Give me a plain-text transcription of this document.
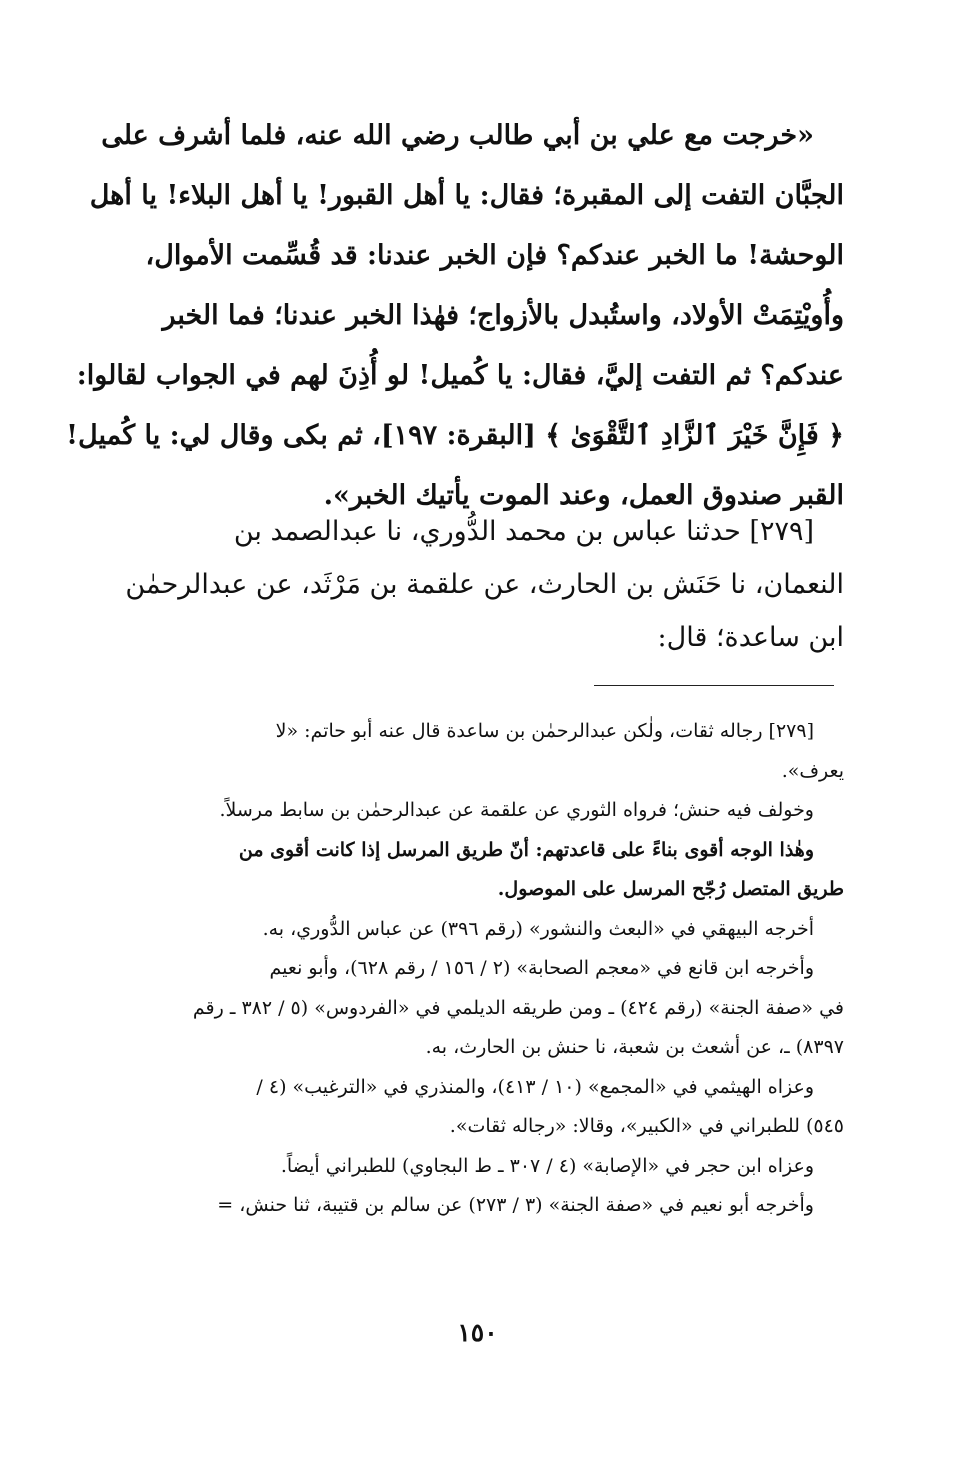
«خرجت مع علي بن أبي طالب رضي الله عنه، فلما أشرف على
الجبَّان التفت إلى المقبرة؛ فقال: يا أهل القبور! يا أهل البلاء! يا أهل
الوحشة! ما الخبر عندكم؟ فإن الخبر عندنا: قد قُسِّمت الأموال،
وأُويْتِمَتْ الأولاد، واستُبدل بالأزواج؛ فهٰذا الخبر عندنا؛ فما الخبر
عندكم؟ ثم التفت إليَّ، فقال: يا كُميل! لو أُذِنَ لهم في الجواب لقالوا:
﴿ فَإِنَّ خَيْرَ ٱلزَّادِ ٱلتَّقْوَىٰ ﴾ [البقرة: ١٩٧]، ثم بكى وقال لي: يا كُميل!
القبر صندوق العمل، وعند الموت يأتيك الخبر».
[٢٧٩] حدثنا عباس بن محمد الدُّوري، نا عبدالصمد بن
النعمان، نا حَنَش بن الحارث، عن علقمة بن مَرْثَد، عن عبدالرحمٰن
ابن ساعدة؛ قال:
[٢٧٩] رجاله ثقات، ولٰكن عبدالرحمٰن بن ساعدة قال عنه أبو حاتم: «لا
يعرف».
وخولف فيه حنش؛ فرواه الثوري عن علقمة عن عبدالرحمٰن بن سابط مرسلاً.
وهٰذا الوجه أقوى بناءً على قاعدتهم: أنّ طريق المرسل إذا كانت أقوى من
طريق المتصل رُجّح المرسل على الموصول.
أخرجه البيهقي في «البعث والنشور» (رقم ٣٩٦) عن عباس الدُّوري، به.
وأخرجه ابن قانع في «معجم الصحابة» (٢ / ١٥٦ / رقم ٦٢٨)، وأبو نعيم
في «صفة الجنة» (رقم ٤٢٤) ـ ومن طريقه الديلمي في «الفردوس» (٥ / ٣٨٢ ـ رقم
٨٣٩٧) ـ، عن أشعث بن شعبة، نا حنش بن الحارث، به.
وعزاه الهيثمي في «المجمع» (١٠ / ٤١٣)، والمنذري في «الترغيب» (٤ /
٥٤٥) للطبراني في «الكبير»، وقالا: «رجاله ثقات».
وعزاه ابن حجر في «الإصابة» (٤ / ٣٠٧ ـ ط البجاوي) للطبراني أيضاً.
وأخرجه أبو نعيم في «صفة الجنة» (٣ / ٢٧٣) عن سالم بن قتيبة، ثنا حنش، =
١٥٠
